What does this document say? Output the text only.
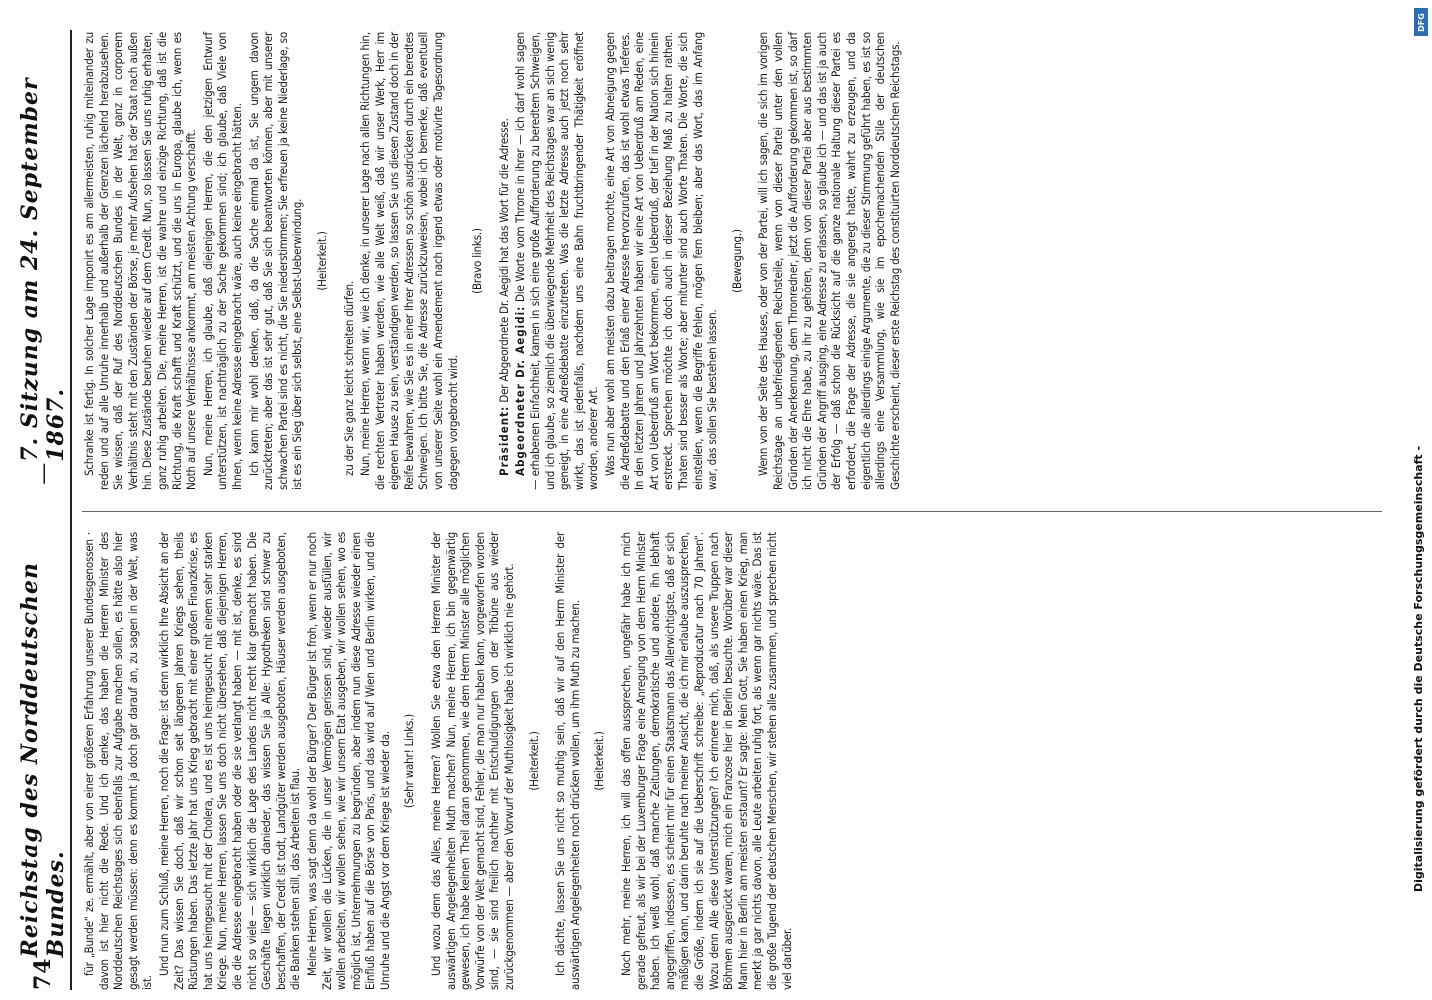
74
Reichstag des Norddeutschen Bundes.
—
7. Sitzung am 24. September 1867.

für „Bunde“ ze. ermählt, aber von einer größeren Erfahrung unserer Bundesgenossen · davon ist hier nicht die Rede. Und ich denke, das haben die Herren Minister des Norddeutschen Reichstages sich ebenfalls zur Aufgabe machen sollen, es hätte also hier gesagt werden müssen: denn es kommt ja doch gar darauf an, zu sagen in der Welt, was ist.

Und nun zum Schluß, meine Herren, noch die Frage: ist denn wirklich Ihre Absicht an der Zeit? Das wissen Sie doch, daß wir schon seit längeren Jahren Kriegs sehen, theils Rüstungen haben. Das letzte Jahr hat uns Krieg gebracht mit einer großen Finanzkrise, es hat uns heimgesucht mit der Cholera, und es ist uns heimgesucht mit einem sehr starken Kriege. Nun, meine Herren, lassen Sie uns doch nicht übersehen, daß diejenigen Herren, die die Adresse eingebracht haben oder die sie verlangt haben — mit ist, denke, es sind nicht so viele — sich wirklich die Lage des Landes nicht recht klar gemacht haben. Die Geschäfte liegen wirklich danieder, das wissen Sie ja Alle: Hypotheken sind schwer zu beschaffen, der Credit ist todt, Landgüter werden ausgeboten, Häuser werden ausgeboten, die Banken stehen still, das Arbeiten ist flau. Meine Herren, was sagt denn da wohl der Bürger? Der Bürger ist froh, wenn er nur noch Zeit, wir wollen die Lücken, die in unser Vermögen gerissen sind, wieder ausfüllen, wir wollen arbeiten, wir wollen sehen, wie wir unsern Etat ausgeben, wir wollen sehen, wo es möglich ist, Unternehmungen zu begründen, aber indem nun diese Adresse wieder einen Einfluß haben auf die Börse von Paris, und das wird auf Wien und Berlin wirken, und die Unruhe und die Angst vor dem Kriege ist wieder da. (Sehr wahr! Links.) Und wozu denn das Alles, meine Herren? Wollen Sie etwa den Herren Minister der auswärtigen Angelegenheiten Muth machen? Nun, meine Herren, ich bin gegenwärtig gewesen, ich habe keinen Theil daran genommen, wie dem Herrn Minister alle möglichen Vorwürfe von der Welt gemacht sind, Fehler, die man nur haben kann, vorgeworfen worden sind, — sie sind freilich nachher mit Entschuldigungen von der Tribüne aus wieder zurückgenommen — aber den Vorwurf der Muthlosigkeit habe ich wirklich nie gehört. (Heiterkeit.) Ich dächte, lassen Sie uns nicht so muthig sein, daß wir auf den Herrn Minister der auswärtigen Angelegenheiten noch drücken wollen, um ihm Muth zu machen. (Heiterkeit.) Noch mehr, meine Herren, ich will das offen aussprechen, ungefähr habe ich mich gerade gefreut, als wir bei der Luxemburger Frage eine Anregung von dem Herrn Minister haben. Ich weiß wohl, daß manche Zeitungen, demokratische und andere, ihn lebhaft angegriffen, indessen, es scheint mir für einen Staatsmann das Allerwichtigste, daß er sich mäßigen kann, und darin beruhte nach meiner Ansicht, die ich mir erlaube auszusprechen, die Größe, indem ich sie auf die Ueberschrift schreibe: „Reproducatur nach 70 Jahren“. Wozu denn Alle diese Unterstützungen? Ich erinnere mich, daß, als unsere Truppen nach Böhmen ausgerückt waren, mich ein Franzose hier in Berlin besuchte. Worüber war dieser Mann hier in Berlin am meisten erstaunt? Er sagte: Mein Gott, Sie haben einen Krieg, man merkt ja gar nichts davon, alle Leute arbeiten ruhig fort, als wenn gar nichts wäre. Das ist die große Tugend der deutschen Menschen, wir stehen alle zusammen, und sprechen nicht viel darüber.

Schranke ist fertig. In solcher Lage imponirt es am allermeisten, ruhig miteinander zu reden und auf alle Unruhe innerhalb und außerhalb der Grenzen lächelnd herabzusehen. Sie wissen, daß der Ruf des Norddeutschen Bundes in der Welt, ganz in corporem Verhältnis steht mit den Zuständen der Börse, je mehr Aufsehen hat der Staat nach außen hin. Diese Zustände beruhen wieder auf dem Credit. Nun, so lassen Sie uns ruhig erhalten, ganz ruhig arbeiten. Die, meine Herren, ist die wahre und einzige Richtung, daß ist die Richtung, die Kraft schafft und Kraft schützt, und die uns in Europa, glaube ich, wenn es Noth auf unsere Verhältnisse ankommt, am meisten Achtung verschafft. Nun, meine Herren, ich glaube, daß diejenigen Herren, die den jetzigen Entwurf unterstützen, ist nachträglich zu der Sache gekommen sind; ich glaube, daß Viele von Ihnen, wenn keine Adresse eingebracht wäre, auch keine eingebracht hätten. Ich kann mir wohl denken, daß, da die Sache einmal da ist, Sie ungern davon zurücktreten; aber das ist sehr gut, daß Sie sich beantworten können, aber mit unserer schwachen Partei sind es nicht, die Sie niederstimmen; Sie erfreuen ja keine Niederlage, so ist es ein Sieg über sich selbst, eine Selbst-Ueberwindung. (Heiterkeit.)

zu der Sie ganz leicht schreiten dürfen. Nun, meine Herren, wenn wir, wie ich denke, in unserer Lage nach allen Richtungen hin, die rechten Vertreter haben werden, wie alle Welt weiß, daß wir unser Werk, Herr im eigenen Hause zu sein, verständigen werden, so lassen Sie uns diesen Zustand doch in der Reife bewahren, wie Sie es in einer Ihrer Adressen so schön ausdrücken durch ein beredtes Schweigen. Ich bitte Sie, die Adresse zurückzuweisen, wobei ich bemerke, daß eventuell von unserer Seite wohl ein Amendement nach irgend etwas oder motivirte Tagesordnung dagegen vorgebracht wird.

(Bravo links.)

Präsident: Der Abgeordnete Dr. Aegidi hat das Wort für die Adresse. Abgeordneter Dr. Aegidi: Die Worte vom Throne in ihrer — ich darf wohl sagen — erhabenen Einfachheit, kamen in sich eine große Aufforderung zu beredtem Schweigen, und ich glaube, so ziemlich die überwiegende Mehrheit des Reichstages war an sich wenig geneigt, in eine Adreßdebatte einzutreten. Was die letzte Adresse auch jetzt noch sehr wirkt, das ist jedenfalls, nachdem uns eine Bahn fruchtbringender Thätigkeit eröffnet worden, anderer Art. Was nun aber wohl am meisten dazu beitragen mochte, eine Art von Abneigung gegen die Adreßdebatte und den Erlaß einer Adresse hervorzurufen, das ist wohl etwas Tieferes. In den letzten Jahren und Jahrzehnten haben wir eine Art von Ueberdruß am Reden, eine Art von Ueberdruß am Wort bekommen, einen Ueberdruß, der tief in der Nation sich hinein erstreckt. Sprechen möchte ich doch auch in dieser Beziehung Maß zu halten rathen. Thaten sind besser als Worte; aber mitunter sind auch Worte Thaten. Die Worte, die sich einstellen, wenn die Begriffe fehlen, mögen fern bleiben; aber das Wort, das im Anfang war, das sollen Sie bestehen lassen.

(Bewegung.) Wenn von der Seite des Hauses, oder von der Partei, will ich sagen, die sich im vorigen Reichstage an unbefriedigenden Reichsteile, wenn von dieser Partei unter den vollen Gründen der Anerkennung, dem Thronredner, jetzt die Aufforderung gekommen ist, so darf ich nicht die Ehre habe, zu ihr zu gehören, denn von dieser Partei aber aus bestimmten Gründen der Angriff ausging, eine Adresse zu erlassen, so glaube ich — und das ist ja auch der Erfolg — daß schon die Rücksicht auf die ganze nationale Haltung dieser Partei es erfordert, die Frage der Adresse, die sie angeregt hatte, wahrt zu erzeugen, und da eigentlich die allerdings einige Argumente, die zu dieser Stimmung geführt haben, es ist so allerdings eine Versammlung, wie sie im epochemachenden Stile der deutschen Geschichte erscheint, dieser erste Reichstag des constituirten Norddeutschen Reichstags.

Digitalisierung gefördert durch die Deutsche Forschungsgemeinschaft -
DFG
